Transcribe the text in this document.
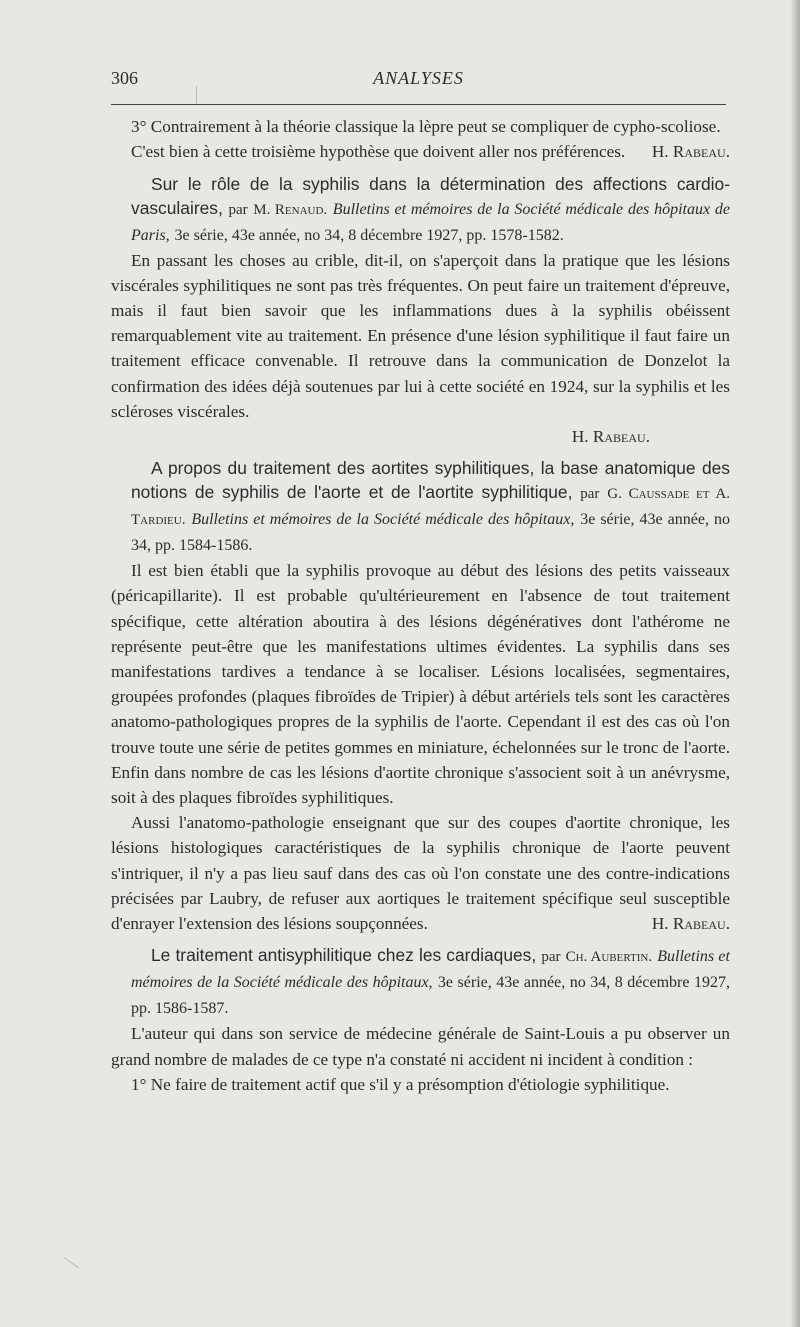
306	ANALYSES

3° Contrairement à la théorie classique la lèpre peut se compliquer de cypho-scoliose.

C'est bien à cette troisième hypothèse que doivent aller nos préférences.	H. Rabeau.

Sur le rôle de la syphilis dans la détermination des affections cardio-vasculaires, par M. Renaud. Bulletins et mémoires de la Société médicale des hôpitaux de Paris, 3e série, 43e année, no 34, 8 décembre 1927, pp. 1578-1582.

En passant les choses au crible, dit-il, on s'aperçoit dans la pratique que les lésions viscérales syphilitiques ne sont pas très fréquentes. On peut faire un traitement d'épreuve, mais il faut bien savoir que les inflammations dues à la syphilis obéissent remarquablement vite au traitement. En présence d'une lésion syphilitique il faut faire un traitement efficace convenable. Il retrouve dans la communication de Donzelot la confirmation des idées déjà soutenues par lui à cette société en 1924, sur la syphilis et les scléroses viscérales.

H. Rabeau.

A propos du traitement des aortites syphilitiques, la base anatomique des notions de syphilis de l'aorte et de l'aortite syphilitique, par G. Caussade et A. Tardieu. Bulletins et mémoires de la Société médicale des hôpitaux, 3e série, 43e année, no 34, pp. 1584-1586.

Il est bien établi que la syphilis provoque au début des lésions des petits vaisseaux (péricapillarite). Il est probable qu'ultérieurement en l'absence de tout traitement spécifique, cette altération aboutira à des lésions dégénératives dont l'athérome ne représente peut-être que les manifestations ultimes évidentes. La syphilis dans ses manifestations tardives a tendance à se localiser. Lésions localisées, segmentaires, groupées profondes (plaques fibroïdes de Tripier) à début artériels tels sont les caractères anatomo-pathologiques propres de la syphilis de l'aorte. Cependant il est des cas où l'on trouve toute une série de petites gommes en miniature, échelonnées sur le tronc de l'aorte. Enfin dans nombre de cas les lésions d'aortite chronique s'associent soit à un anévrysme, soit à des plaques fibroïdes syphilitiques.

Aussi l'anatomo-pathologie enseignant que sur des coupes d'aortite chronique, les lésions histologiques caractéristiques de la syphilis chronique de l'aorte peuvent s'intriquer, il n'y a pas lieu sauf dans des cas où l'on constate une des contre-indications précisées par Laubry, de refuser aux aortiques le traitement spécifique seul susceptible d'enrayer l'extension des lésions soupçonnées.	H. Rabeau.

Le traitement antisyphilitique chez les cardiaques, par Ch. Aubertin. Bulletins et mémoires de la Société médicale des hôpitaux, 3e série, 43e année, no 34, 8 décembre 1927, pp. 1586-1587.

L'auteur qui dans son service de médecine générale de Saint-Louis a pu observer un grand nombre de malades de ce type n'a constaté ni accident ni incident à condition :

1° Ne faire de traitement actif que s'il y a présomption d'étiologie syphilitique.
